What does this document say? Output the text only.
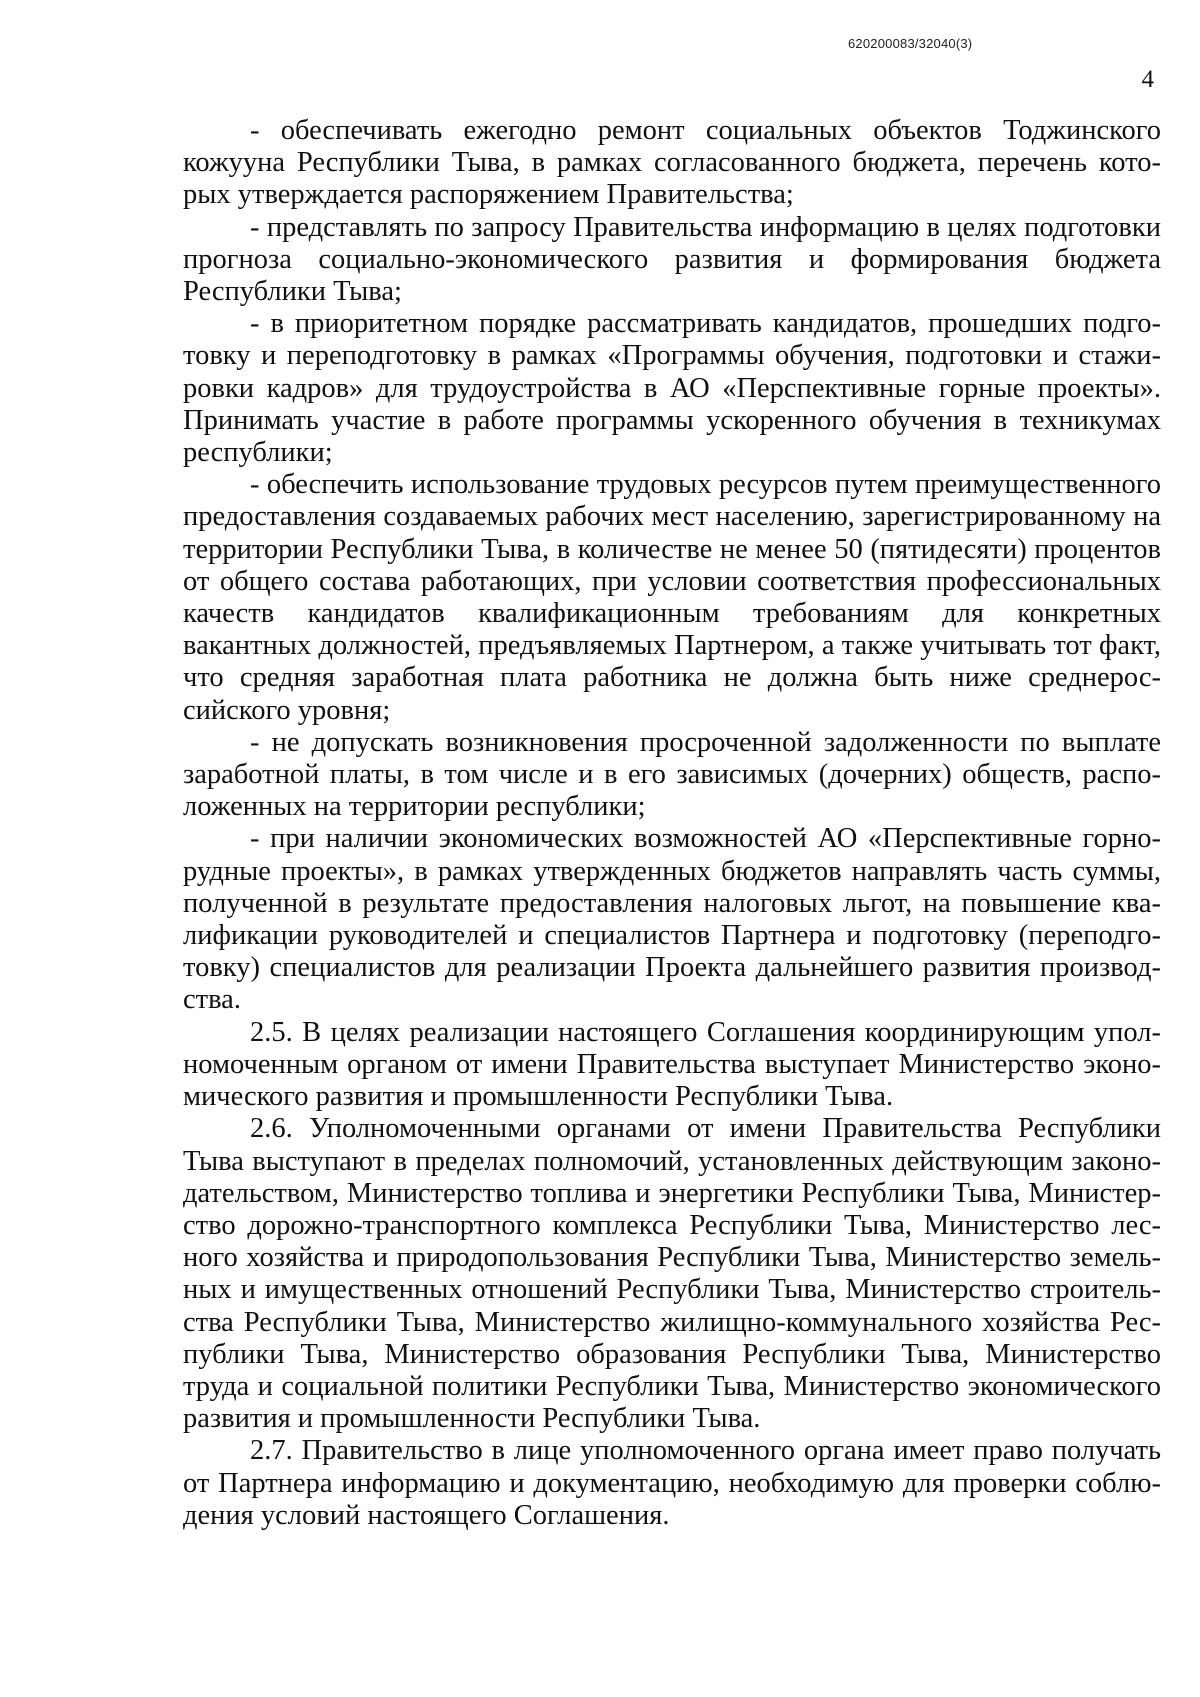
620200083/32040(3)
4

- обеспечивать ежегодно ремонт социальных объектов Тоджинского кожууна Республики Тыва, в рамках согласованного бюджета, перечень которых утверждается распоряжением Правительства;

- представлять по запросу Правительства информацию в целях подготовки прогноза социально-экономического развития и формирования бюджета Республики Тыва;

- в приоритетном порядке рассматривать кандидатов, прошедших подготовку и переподготовку в рамках «Программы обучения, подготовки и стажировки кадров» для трудоустройства в АО «Перспективные горные проекты». Принимать участие в работе программы ускоренного обучения в техникумах республики;

- обеспечить использование трудовых ресурсов путем преимущественного предоставления создаваемых рабочих мест населению, зарегистрированному на территории Республики Тыва, в количестве не менее 50 (пятидесяти) процентов от общего состава работающих, при условии соответствия профессиональных качеств кандидатов квалификационным требованиям для конкретных вакантных должностей, предъявляемых Партнером, а также учитывать тот факт, что средняя заработная плата работника не должна быть ниже среднероссийского уровня;

- не допускать возникновения просроченной задолженности по выплате заработной платы, в том числе и в его зависимых (дочерних) обществ, расположенных на территории республики;

- при наличии экономических возможностей АО «Перспективные горнорудные проекты», в рамках утвержденных бюджетов направлять часть суммы, полученной в результате предоставления налоговых льгот, на повышение квалификации руководителей и специалистов Партнера и подготовку (переподготовку) специалистов для реализации Проекта дальнейшего развития производства.

2.5. В целях реализации настоящего Соглашения координирующим уполномоченным органом от имени Правительства выступает Министерство экономического развития и промышленности Республики Тыва.

2.6. Уполномоченными органами от имени Правительства Республики Тыва выступают в пределах полномочий, установленных действующим законодательством, Министерство топлива и энергетики Республики Тыва, Министерство дорожно-транспортного комплекса Республики Тыва, Министерство лесного хозяйства и природопользования Республики Тыва, Министерство земельных и имущественных отношений Республики Тыва, Министерство строительства Республики Тыва, Министерство жилищно-коммунального хозяйства Республики Тыва, Министерство образования Республики Тыва, Министерство труда и социальной политики Республики Тыва, Министерство экономического развития и промышленности Республики Тыва.

2.7. Правительство в лице уполномоченного органа имеет право получать от Партнера информацию и документацию, необходимую для проверки соблюдения условий настоящего Соглашения.
